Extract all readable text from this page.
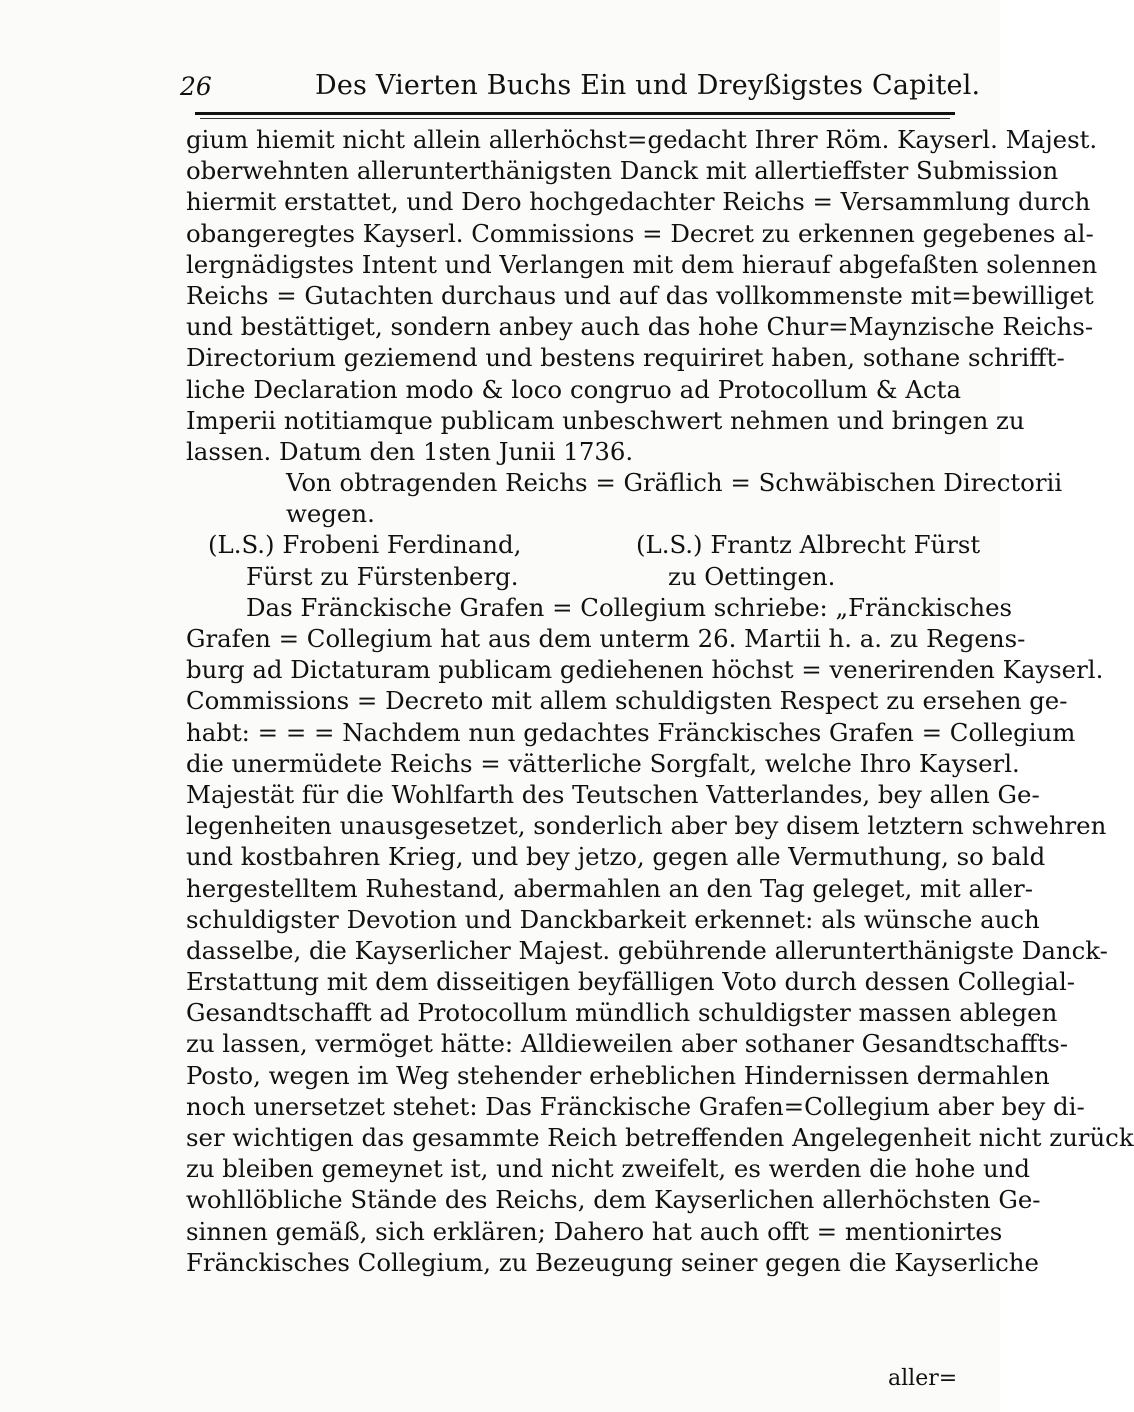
26	Des Vierten Buchs Ein und Dreyßigstes Capitel.
gium hiemit nicht allein allerhöchst=gedacht Ihrer Röm. Kayserl. Majest.
oberwehnten allerunterthänigsten Danck mit allertieffster Submission
hiermit erstattet, und Dero hochgedachter Reichs = Versammlung durch
obangeregtes Kayserl. Commissions = Decret zu erkennen gegebenes al-
lergnädigstes Intent und Verlangen mit dem hierauf abgefaßten solennen
Reichs = Gutachten durchaus und auf das vollkommenste mit=bewilliget
und bestättiget, sondern anbey auch das hohe Chur=Maynzische Reichs-
Directorium geziemend und bestens requiriret haben, sothane schrifft-
liche Declaration modo & loco congruo ad Protocollum & Acta
Imperii notitiamque publicam unbeschwert nehmen und bringen zu
lassen. Datum den 1sten Junii 1736.
Von obtragenden Reichs = Gräflich = Schwäbischen Directorii
wegen.
(L.S.) Frobeni Ferdinand,	(L.S.) Frantz Albrecht Fürst
Fürst zu Fürstenberg.	zu Oettingen.
Das Fränckische Grafen = Collegium schriebe: „Fränckisches
Grafen = Collegium hat aus dem unterm 26. Martii h. a. zu Regens-
burg ad Dictaturam publicam gediehenen höchst = venerirenden Kayserl.
Commissions = Decreto mit allem schuldigsten Respect zu ersehen ge-
habt: = = = Nachdem nun gedachtes Fränckisches Grafen = Collegium
die unermüdete Reichs = vätterliche Sorgfalt, welche Ihro Kayserl.
Majestät für die Wohlfarth des Teutschen Vatterlandes, bey allen Ge-
legenheiten unausgesetzet, sonderlich aber bey disem letztern schwehren
und kostbahren Krieg, und bey jetzo, gegen alle Vermuthung, so bald
hergestelltem Ruhestand, abermahlen an den Tag geleget, mit aller-
schuldigster Devotion und Danckbarkeit erkennet: als wünsche auch
dasselbe, die Kayserlicher Majest. gebührende allerunterthänigste Danck-
Erstattung mit dem disseitigen beyfälligen Voto durch dessen Collegial-
Gesandtschafft ad Protocollum mündlich schuldigster massen ablegen
zu lassen, vermöget hätte: Alldieweilen aber sothaner Gesandtschaffts-
Posto, wegen im Weg stehender erheblichen Hindernissen dermahlen
noch unersetzet stehet: Das Fränckische Grafen=Collegium aber bey di-
ser wichtigen das gesammte Reich betreffenden Angelegenheit nicht zurück
zu bleiben gemeynet ist, und nicht zweifelt, es werden die hohe und
wohllöbliche Stände des Reichs, dem Kayserlichen allerhöchsten Ge-
sinnen gemäß, sich erklären; Dahero hat auch offt = mentionirtes
Fränckisches Collegium, zu Bezeugung seiner gegen die Kayserliche
aller=
